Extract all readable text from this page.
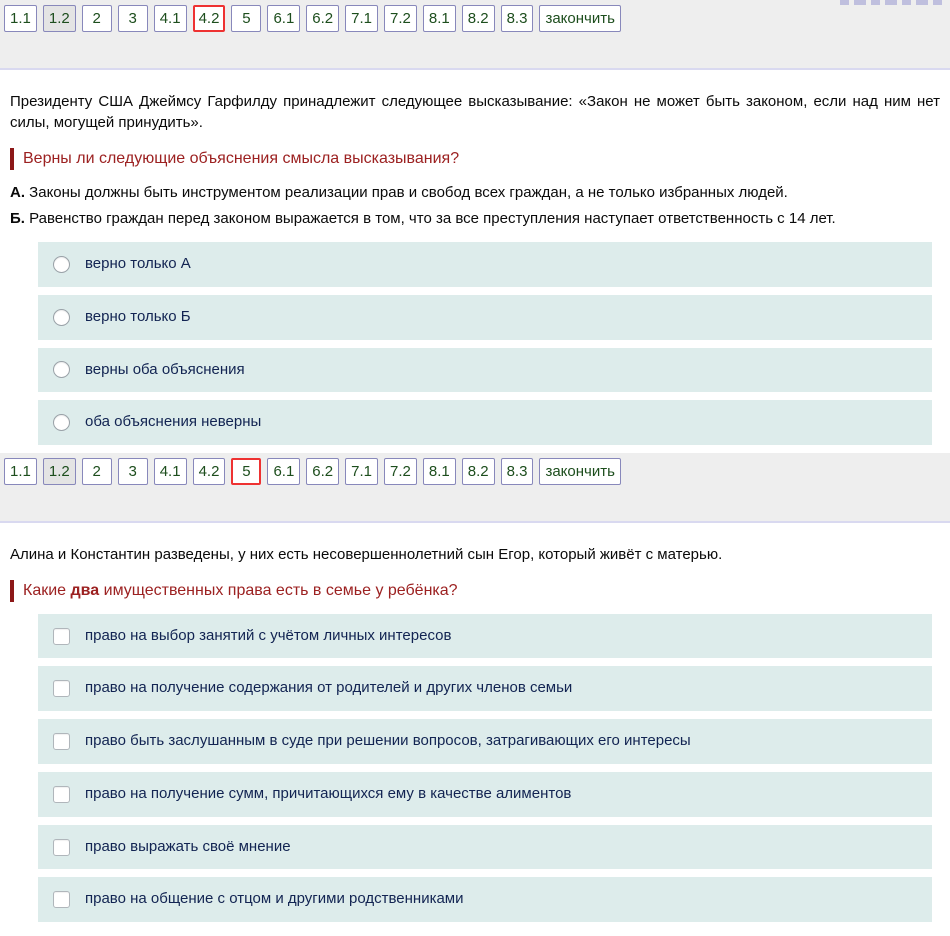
1.1 1.2 2 3 4.1 4.2 5 6.1 6.2 7.1 7.2 8.1 8.2 8.3 закончить

Президенту США Джеймсу Гарфилду принадлежит следующее высказывание: «Закон не может быть законом, если над ним нет силы, могущей принудить».

Верны ли следующие объяснения смысла высказывания?
А. Законы должны быть инструментом реализации прав и свобод всех граждан, а не только избранных людей.
Б. Равенство граждан перед законом выражается в том, что за все преступления наступает ответственность с 14 лет.
верно только А
верно только Б
верны оба объяснения
оба объяснения неверны
1.1 1.2 2 3 4.1 4.2 5 6.1 6.2 7.1 7.2 8.1 8.2 8.3 закончить

Алина и Константин разведены, у них есть несовершеннолетний сын Егор, который живёт с матерью.

Какие два имущественных права есть в семье у ребёнка?
право на выбор занятий с учётом личных интересов
право на получение содержания от родителей и других членов семьи
право быть заслушанным в суде при решении вопросов, затрагивающих его интересы
право на получение сумм, причитающихся ему в качестве алиментов
право выражать своё мнение
право на общение с отцом и другими родственниками
